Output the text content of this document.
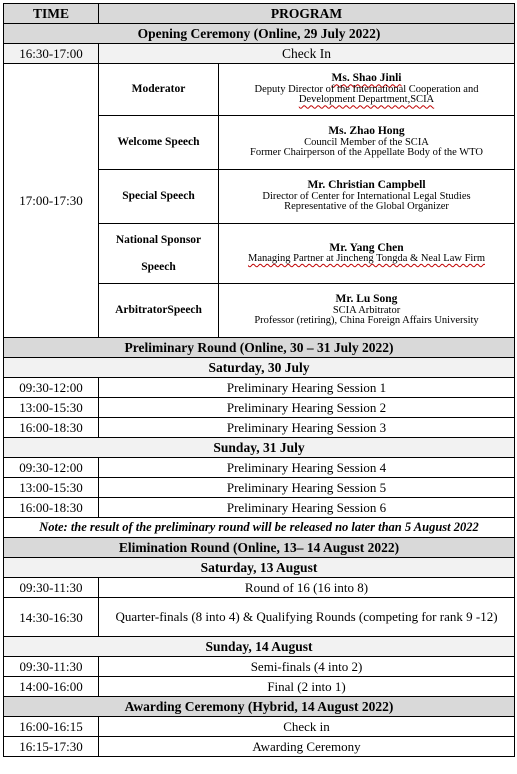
TIME	PROGRAM	
Opening Ceremony (Online, 29 July 2022)		
16:30-17:00	Check In	
17:00-17:30	Moderator	Ms. Shao Jinli
Deputy Director of the International Cooperation and
Development Department,SCIA

	Welcome Speech	Ms. Zhao Hong
Council Member of the SCIA
Former Chairperson of the Appellate Body of the WTO

	Special Speech	Mr. Christian Campbell
Director of Center for International Legal Studies
Representative of the Global Organizer

	National Sponsor
Speech	Mr. Yang Chen
Managing Partner at Jincheng Tongda & Neal Law Firm

	ArbitratorSpeech	Mr. Lu Song
SCIA Arbitrator
Professor (retiring), China Foreign Affairs University

Preliminary Round (Online, 30 – 31 July 2022)		
Saturday, 30 July		
09:30-12:00	Preliminary Hearing Session 1	
13:00-15:30	Preliminary Hearing Session 2	
16:00-18:30	Preliminary Hearing Session 3	
Sunday, 31 July		
09:30-12:00	Preliminary Hearing Session 4	
13:00-15:30	Preliminary Hearing Session 5	
16:00-18:30	Preliminary Hearing Session 6	
Note: the result of the preliminary round will be released no later than 5 August 2022		
Elimination Round (Online, 13– 14 August 2022)		
Saturday, 13 August		
09:30-11:30	Round of 16 (16 into 8)	
14:30-16:30	Quarter-finals (8 into 4) & Qualifying Rounds (competing for rank 9 -12)	
Sunday, 14 August		
09:30-11:30	Semi-finals (4 into 2)	
14:00-16:00	Final (2 into 1)	
Awarding Ceremony (Hybrid, 14 August 2022)		
16:00-16:15	Check in	
16:15-17:30	Awarding Ceremony	
